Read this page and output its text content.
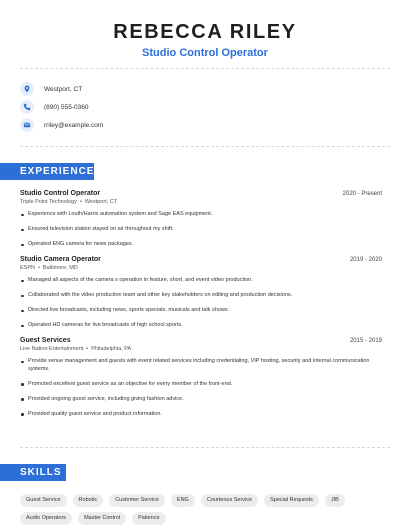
REBECCA RILEY
Studio Control Operator
Westport, CT
(890) 555-0360
rriley@example.com
EXPERIENCE
Studio Control Operator	2020 - Present
Triple Point Technology • Westport, CT
Experience with Louth/Harris automation system and Sage EAS equipment.
Ensured television station stayed on air throughout my shift.
Operated ENG camera for news packages.
Studio Camera Operator	2019 - 2020
ESPN • Baltimore, MD
Managed all aspects of the camera s operation in feature, short, and event video production.
Collaborated with the video production team and other key stakeholders on editing and production decisions.
Directed live broadcasts, including news, sports specials, musicals and talk shows.
Operated HD cameras for live broadcasts of high school sports.
Guest Services	2015 - 2019
Live Nation Entertainment • Philadelphia, PA
Provide venue management and guests with event related services including credentialing, VIP hosting, security and internal communication systems.
Promoted excellent guest service as an objective for every member of the front-end.
Provided ongoing guest service, including giving fashion advice.
Provided quality guest service and product information.
SKILLS
Guest Service	Robotic	Customer Service	ENG	Courteous Service	Special Requests	JIB
Audio Operators	Master Control	Patience
